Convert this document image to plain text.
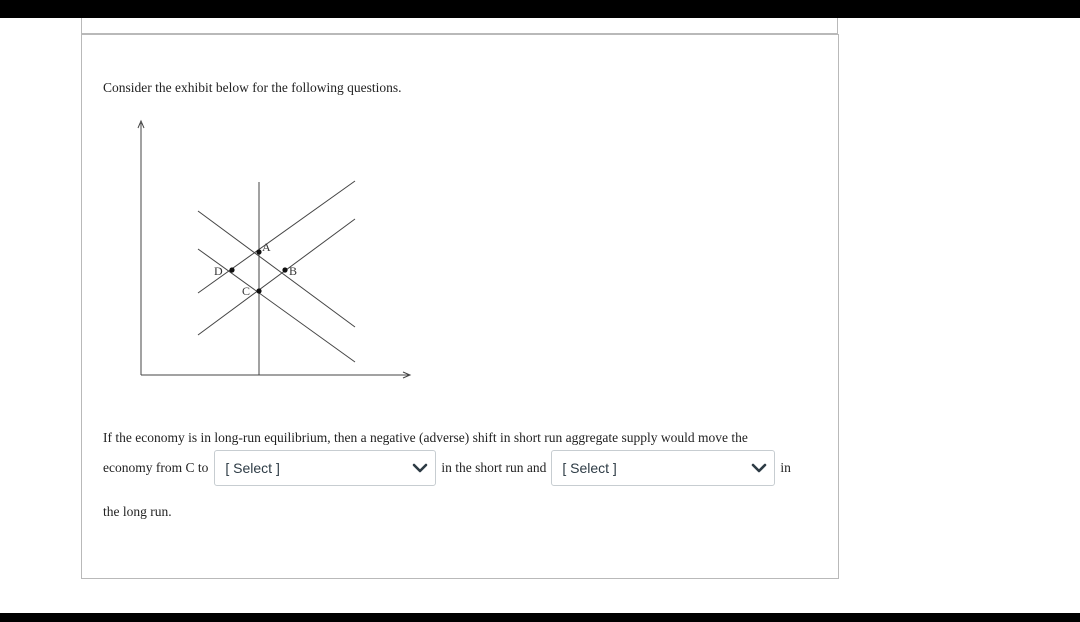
Consider the exhibit below for the following questions.

A
B
C
D

If the economy is in long-run equilibrium, then a negative (adverse) shift in short run aggregate supply would move the

economy from C to [ Select ]	in the short run and [ Select ]	in

the long run.
